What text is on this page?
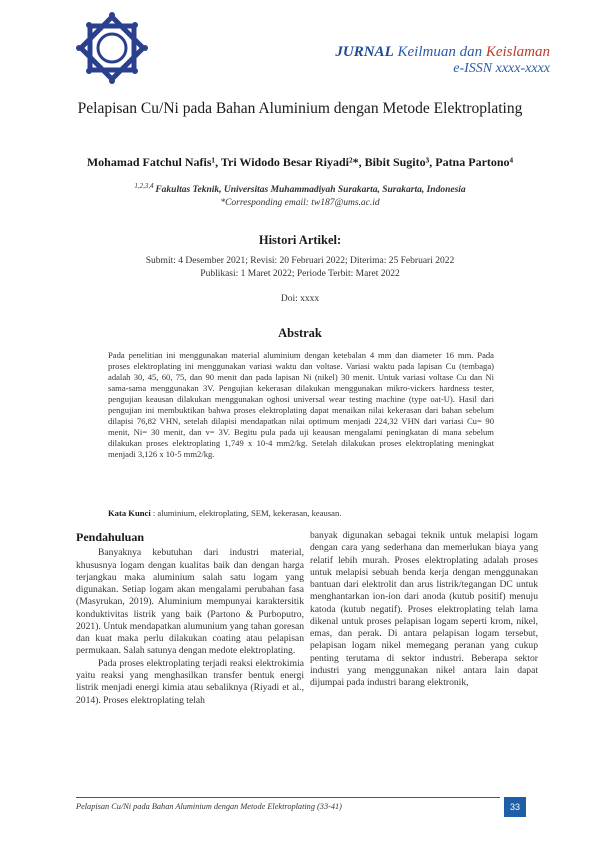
JURNAL Keilmuan dan Keislaman
e-ISSN xxxx-xxxx
Pelapisan Cu/Ni pada Bahan Aluminium dengan Metode Elektroplating
Mohamad Fatchul Nafis¹, Tri Widodo Besar Riyadi²*, Bibit Sugito³, Patna Partono⁴
$^{1,2,3,4}$ Fakultas Teknik, Universitas Muhammadiyah Surakarta, Surakarta, Indonesia
*Corresponding email: tw187@ums.ac.id
Histori Artikel:
Submit: 4 Desember 2021; Revisi: 20 Februari 2022; Diterima: 25 Februari 2022
Publikasi: 1 Maret 2022; Periode Terbit: Maret 2022
Doi: xxxx
Abstrak
Pada penelitian ini menggunakan material aluminium dengan ketebalan 4 mm dan diameter 16 mm. Pada proses elektroplating ini menggunakan variasi waktu dan voltase. Variasi waktu pada lapisan Cu (tembaga) adalah 30, 45, 60, 75, dan 90 menit dan pada lapisan Ni (nikel) 30 menit. Untuk variasi voltase Cu dan Ni sama-sama menggunakan 3V. Pengujian kekerasan dilakukan menggunakan mikro-vickers hardness tester, pengujian keausan dilakukan menggunakan oghosi universal wear testing machine (type oat-U). Hasil dari pengujian ini membuktikan bahwa proses elektroplating dapat menaikan nilai kekerasan dari bahan sebelum dilapisi 76,82 VHN, setelah dilapisi mendapatkan nilai optimum menjadi 224,32 VHN dari variasi Cu= 90 menit, Ni= 30 menit, dan v= 3V. Begitu pula pada uji keausan mengalami peningkatan di mana sebelum dilakukan proses elektroplating 1,749 x 10-4 mm2/kg. Setelah dilakukan proses elektroplating meningkat menjadi 3,126 x 10-5 mm2/kg.
Kata Kunci : aluminium, elektroplating, SEM, kekerasan, keausan.
Pendahuluan

Banyaknya kebutuhan dari industri material, khususnya logam dengan kualitas baik dan dengan harga terjangkau maka aluminium salah satu logam yang digunakan. Setiap logam akan mengalami perubahan fasa (Masyrukan, 2019). Aluminium mempunyai karaktersitik konduktivitas listrik yang baik (Partono & Purboputro, 2021). Untuk mendapatkan alumunium yang tahan goresan dan kuat maka perlu dilakukan coating atau pelapisan permukaan. Salah satunya dengan medote elektroplating.

Pada proses elektroplating terjadi reaksi elektrokimia yaitu reaksi yang menghasilkan transfer bentuk energi listrik menjadi energi kimia atau sebaliknya (Riyadi et al., 2014). Proses elektroplating telah

banyak digunakan sebagai teknik untuk melapisi logam dengan cara yang sederhana dan memerlukan biaya yang relatif lebih murah. Proses elektroplating adalah proses untuk melapisi sebuah benda kerja dengan menggunakan bantuan dari elektrolit dan arus listrik/tegangan DC untuk menghantarkan ion-ion dari anoda (kutub positif) menuju katoda (kutub negatif). Proses elektroplating telah lama dikenal untuk proses pelapisan logam seperti krom, nikel, emas, dan perak. Di antara pelapisan logam tersebut, pelapisan logam nikel memegang peranan yang cukup penting terutama di sektor industri. Beberapa sektor industri yang menggunakan nikel antara lain dapat dijumpai pada industri barang elektronik,

Pelapisan Cu/Ni pada Bahan Aluminium dengan Metode Elektroplating (33-41)	33
